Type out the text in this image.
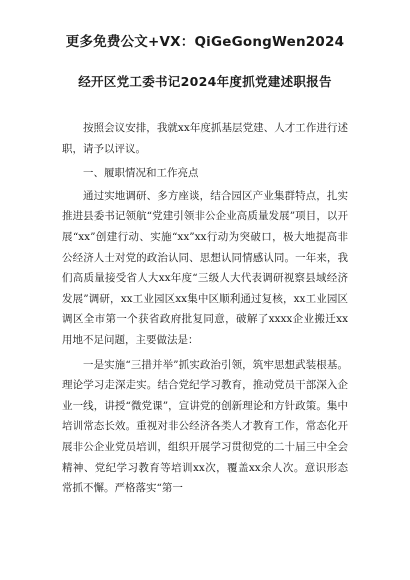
更多免费公文+VX：QiGeGongWen2024
经开区党工委书记2024年度抓党建述职报告

按照会议安排，我就xx年度抓基层党建、人才工作进行述职，请予以评议。

一、履职情况和工作亮点

通过实地调研、多方座谈，结合园区产业集群特点，扎实推进县委书记领航“党建引领非公企业高质量发展”项目，以开展“xx”创建行动、实施“xx”xx行动为突破口，极大地提高非公经济人士对党的政治认同、思想认同情感认同。一年来，我们高质量接受省人大xx年度“三级人大代表调研视察县域经济发展”调研，xx工业园区xx集中区顺利通过复核，xx工业园区调区全市第一个获省政府批复同意，破解了xxxx企业搬迁xx用地不足问题，主要做法是：

一是实施“三措并举”抓实政治引领，筑牢思想武装根基。理论学习走深走实。结合党纪学习教育，推动党员干部深入企业一线，讲授“微党课”，宣讲党的创新理论和方针政策。集中培训常态长效。重视对非公经济各类人才教育工作，常态化开展非公企业党员培训，组织开展学习贯彻党的二十届三中全会精神、党纪学习教育等培训xx次，覆盖xx余人次。意识形态常抓不懈。严格落实“第一
